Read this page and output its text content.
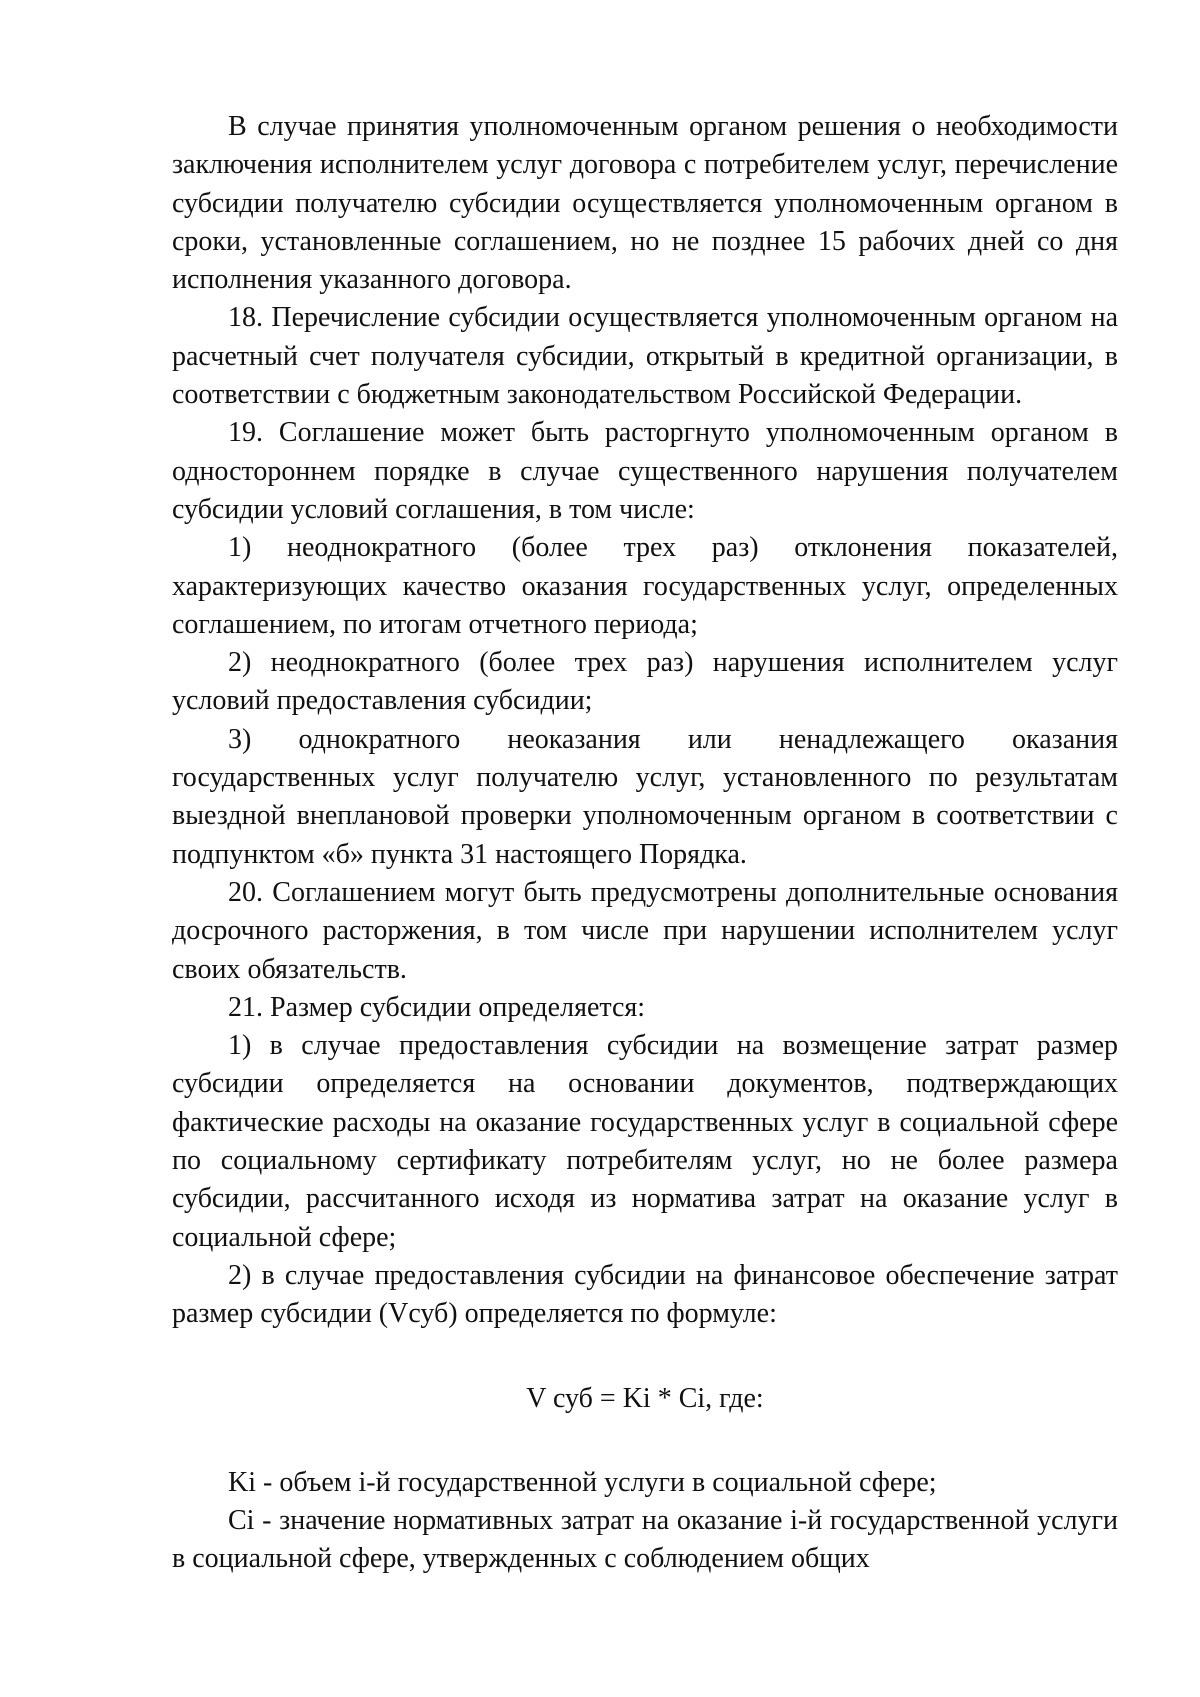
В случае принятия уполномоченным органом решения о необходимости заключения исполнителем услуг договора с потребителем услуг, перечисление субсидии получателю субсидии осуществляется уполномоченным органом в сроки, установленные соглашением, но не позднее 15 рабочих дней со дня исполнения указанного договора.

18. Перечисление субсидии осуществляется уполномоченным органом на расчетный счет получателя субсидии, открытый в кредитной организации, в соответствии с бюджетным законодательством Российской Федерации.

19. Соглашение может быть расторгнуто уполномоченным органом в одностороннем порядке в случае существенного нарушения получателем субсидии условий соглашения, в том числе:

1) неоднократного (более трех раз) отклонения показателей, характеризующих качество оказания государственных услуг, определенных соглашением, по итогам отчетного периода;

2) неоднократного (более трех раз) нарушения исполнителем услуг условий предоставления субсидии;

3) однократного неоказания или ненадлежащего оказания государственных услуг получателю услуг, установленного по результатам выездной внеплановой проверки уполномоченным органом в соответствии с подпунктом «б» пункта 31 настоящего Порядка.

20. Соглашением могут быть предусмотрены дополнительные основания досрочного расторжения, в том числе при нарушении исполнителем услуг своих обязательств.

21. Размер субсидии определяется:

1) в случае предоставления субсидии на возмещение затрат размер субсидии определяется на основании документов, подтверждающих фактические расходы на оказание государственных услуг в социальной сфере по социальному сертификату потребителям услуг, но не более размера субсидии, рассчитанного исходя из норматива затрат на оказание услуг в социальной сфере;

2) в случае предоставления субсидии на финансовое обеспечение затрат размер субсидии (Vсуб) определяется по формуле:

V суб = Ki * Ci, где:

Ki - объем i-й государственной услуги в социальной сфере;

Ci - значение нормативных затрат на оказание i-й государственной услуги в социальной сфере, утвержденных с соблюдением общих
